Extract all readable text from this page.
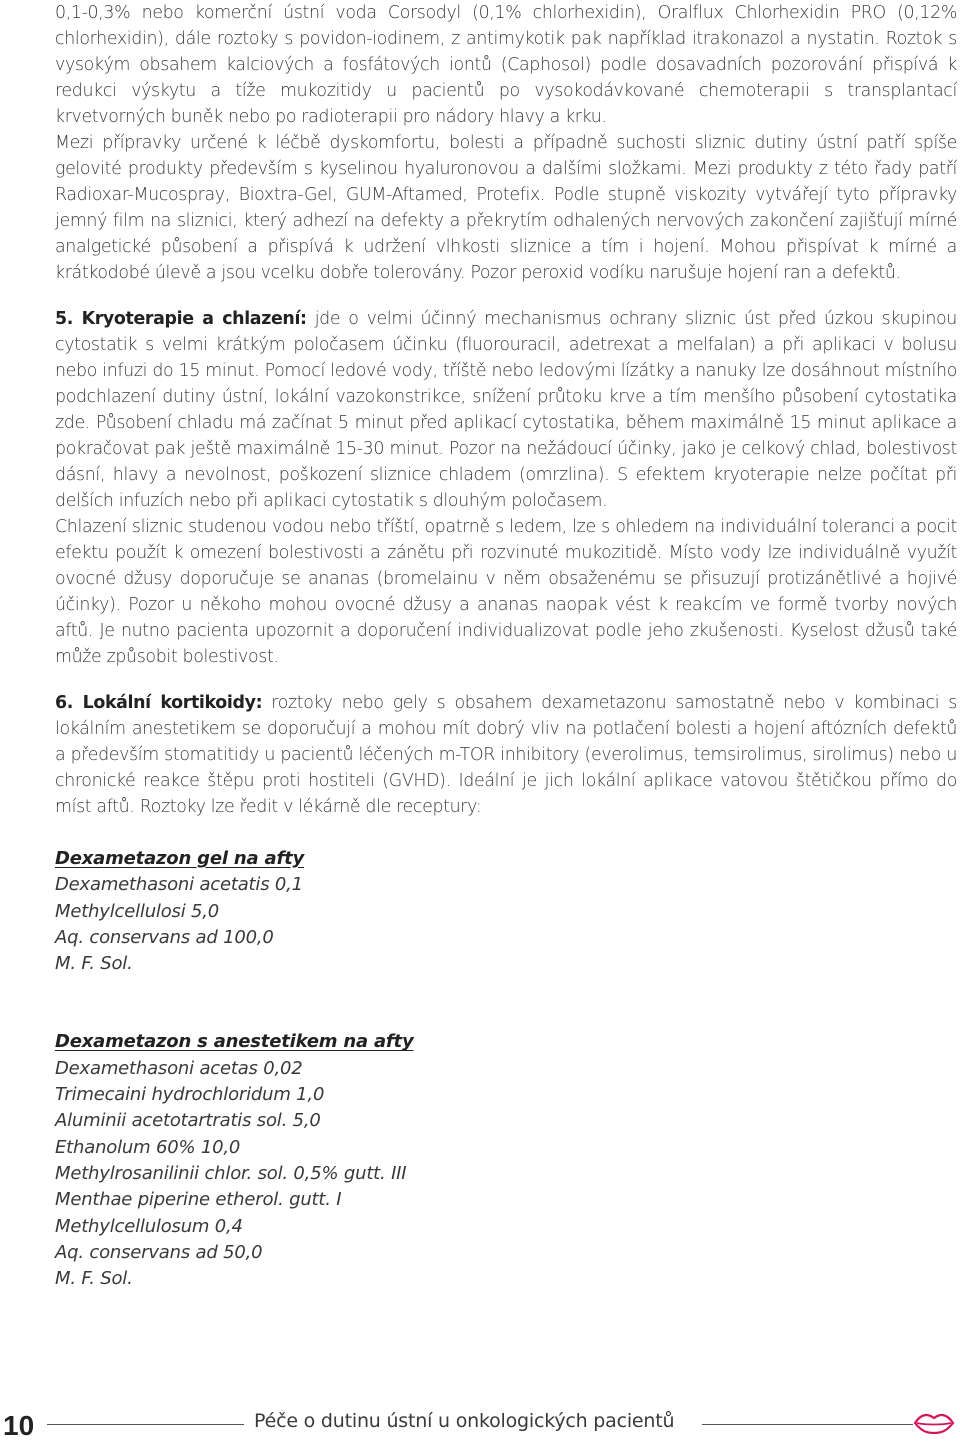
0,1-0,3% nebo komerční ústní voda Corsodyl (0,1% chlorhexidin), Oralflux Chlorhexidin PRO (0,12% chlorhexidin), dále roztoky s povidon-iodinem, z antimykotik pak například itrakonazol a nystatin. Roztok s vysokým obsahem kalciových a fosfátových iontů (Caphosol) podle dosavadních pozorování přispívá k redukci výskytu a tíže mukozitidy u pacientů po vysokodávkované chemoterapii s transplantací krvetvorných buněk nebo po radioterapii pro nádory hlavy a krku.

Mezi přípravky určené k léčbě dyskomfortu, bolesti a případně suchosti sliznic dutiny ústní patří spíše gelovité produkty především s kyselinou hyaluronovou a dalšími složkami. Mezi produkty z této řady patří Radioxar-Mucospray, Bioxtra-Gel, GUM-Aftamed, Protefix. Podle stupně viskozity vytvářejí tyto přípravky jemný film na sliznici, který adhezí na defekty a překrytím odhalených nervových zakončení zajišťují mírné analgetické působení a přispívá k udržení vlhkosti sliznice a tím i hojení. Mohou přispívat k mírné a krátkodobé úlevě a jsou vcelku dobře tolerovány. Pozor peroxid vodíku narušuje hojení ran a defektů.

5. Kryoterapie a chlazení: jde o velmi účinný mechanismus ochrany sliznic úst před úzkou skupinou cytostatik s velmi krátkým poločasem účinku (fluorouracil, adetrexat a melfalan) a při aplikaci v bolusu nebo infuzi do 15 minut. Pomocí ledové vody, tříště nebo ledovými lízátky a nanuky lze dosáhnout místního podchlazení dutiny ústní, lokální vazokonstrikce, snížení průtoku krve a tím menšího působení cytostatika zde. Působení chladu má začínat 5 minut před aplikací cytostatika, během maximálně 15 minut aplikace a pokračovat pak ještě maximálně 15-30 minut. Pozor na nežádoucí účinky, jako je celkový chlad, bolestivost dásní, hlavy a nevolnost, poškození sliznice chladem (omrzlina). S efektem kryoterapie nelze počítat při delších infuzích nebo při aplikaci cytostatik s dlouhým poločasem.

Chlazení sliznic studenou vodou nebo tříští, opatrně s ledem, lze s ohledem na individuální toleranci a pocit efektu použít k omezení bolestivosti a zánětu při rozvinuté mukozitidě. Místo vody lze individuálně využít ovocné džusy doporučuje se ananas (bromelainu v něm obsaženému se přisuzují protizánětlivé a hojivé účinky). Pozor u někoho mohou ovocné džusy a ananas naopak vést k reakcím ve formě tvorby nových aftů. Je nutno pacienta upozornit a doporučení individualizovat podle jeho zkušenosti. Kyselost džusů také může způsobit bolestivost.

6. Lokální kortikoidy: roztoky nebo gely s obsahem dexametazonu samostatně nebo v kombinaci s lokálním anestetikem se doporučují a mohou mít dobrý vliv na potlačení bolesti a hojení aftózních defektů a především stomatitidy u pacientů léčených m-TOR inhibitory (everolimus, temsirolimus, sirolimus) nebo u chronické reakce štěpu proti hostiteli (GVHD). Ideální je jich lokální aplikace vatovou štětičkou přímo do míst aftů. Roztoky lze ředit v lékárně dle receptury:

Dexametazon gel na afty
Dexamethasoni acetatis 0,1
Methylcellulosi 5,0
Aq. conservans ad 100,0
M. F. Sol.
Dexametazon s anestetikem na afty
Dexamethasoni acetas 0,02
Trimecaini hydrochloridum 1,0
Aluminii acetotartratis sol. 5,0
Ethanolum 60% 10,0
Methylrosanilinii chlor. sol. 0,5% gutt. III
Menthae piperine etherol. gutt. I
Methylcellulosum 0,4
Aq. conservans ad 50,0
M. F. Sol.
10	Péče o dutinu ústní u onkologických pacientů
